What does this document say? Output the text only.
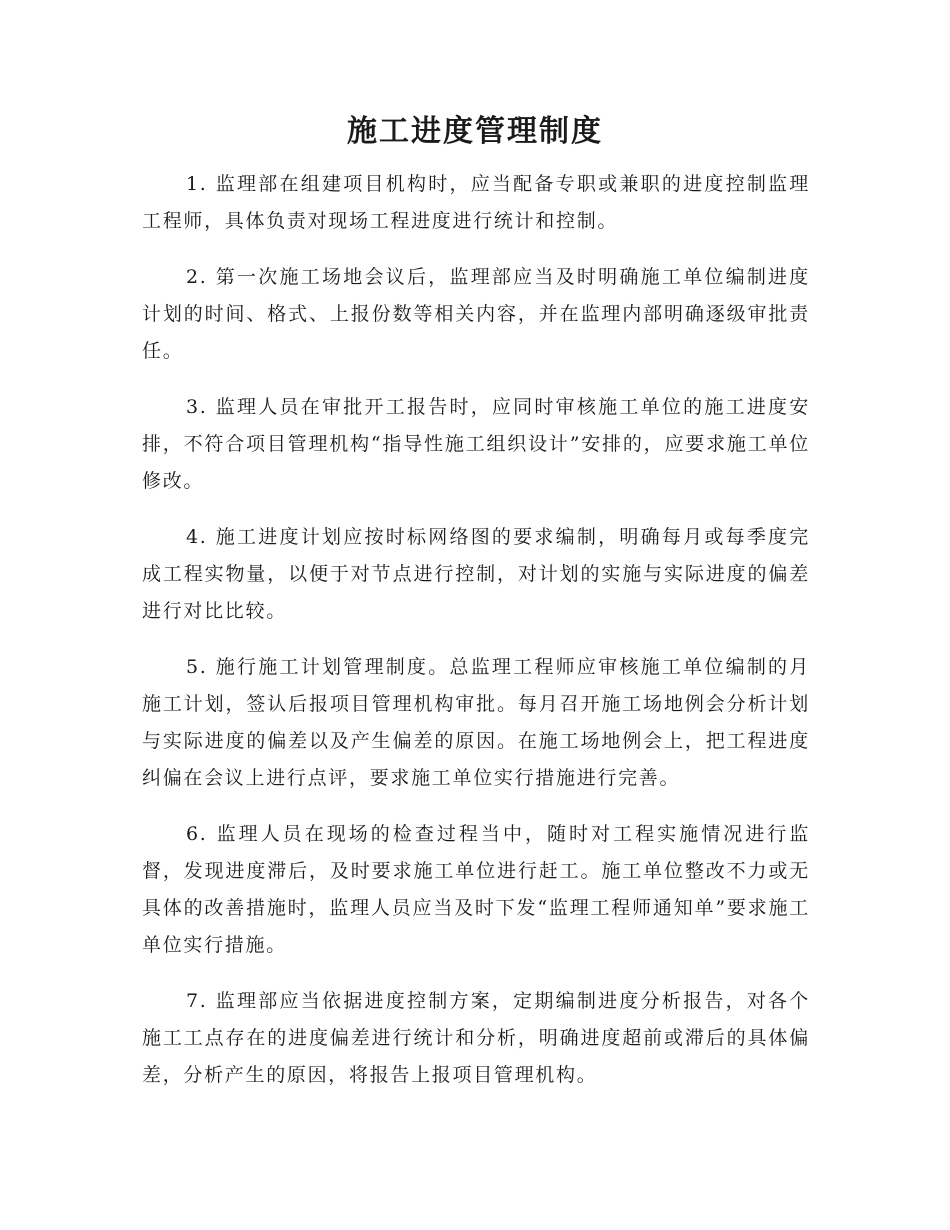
施工进度管理制度

1. 监理部在组建项目机构时，应当配备专职或兼职的进度控制监理工程师，具体负责对现场工程进度进行统计和控制。

2. 第一次施工场地会议后，监理部应当及时明确施工单位编制进度计划的时间、格式、上报份数等相关内容，并在监理内部明确逐级审批责任。

3. 监理人员在审批开工报告时，应同时审核施工单位的施工进度安排，不符合项目管理机构“指导性施工组织设计”安排的，应要求施工单位修改。

4. 施工进度计划应按时标网络图的要求编制，明确每月或每季度完成工程实物量，以便于对节点进行控制，对计划的实施与实际进度的偏差进行对比比较。

5. 施行施工计划管理制度。总监理工程师应审核施工单位编制的月施工计划，签认后报项目管理机构审批。每月召开施工场地例会分析计划与实际进度的偏差以及产生偏差的原因。在施工场地例会上，把工程进度纠偏在会议上进行点评，要求施工单位实行措施进行完善。

6. 监理人员在现场的检查过程当中，随时对工程实施情况进行监督，发现进度滞后，及时要求施工单位进行赶工。施工单位整改不力或无具体的改善措施时，监理人员应当及时下发“监理工程师通知单”要求施工单位实行措施。

7. 监理部应当依据进度控制方案，定期编制进度分析报告，对各个施工工点存在的进度偏差进行统计和分析，明确进度超前或滞后的具体偏差，分析产生的原因，将报告上报项目管理机构。
